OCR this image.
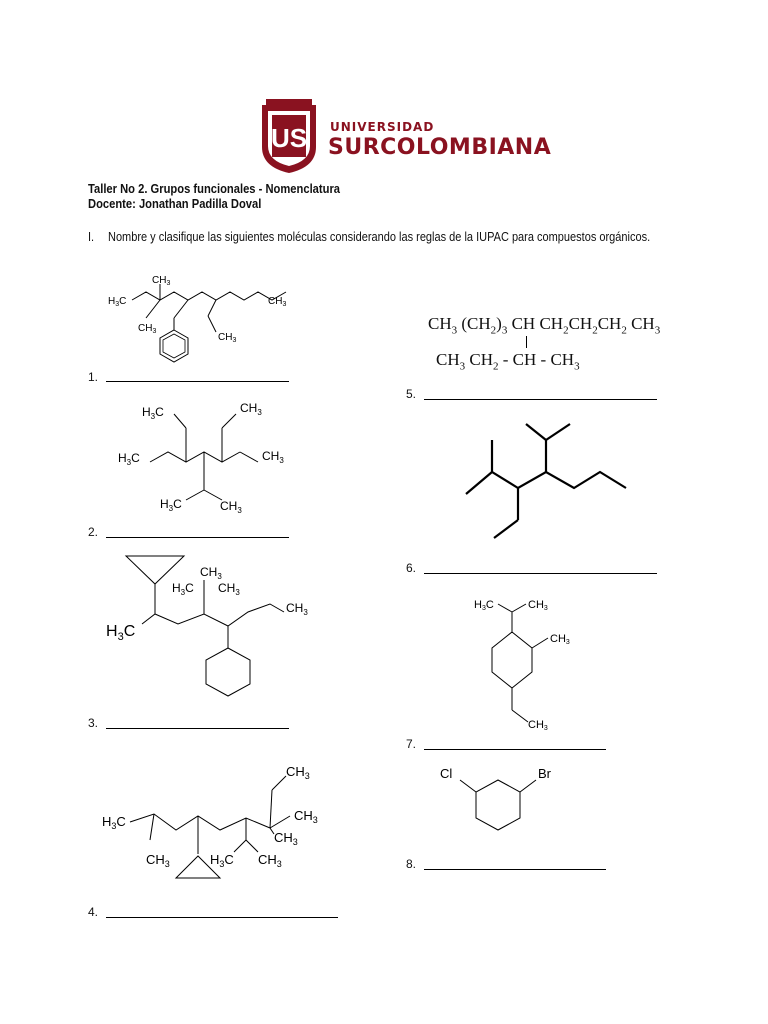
US UNIVERSIDAD
SURCOLOMBIANA
Taller No 2. Grupos funcionales - Nomenclatura
Docente: Jonathan Padilla Doval
I. Nombre y clasifique las siguientes moléculas considerando las reglas de la IUPAC para compuestos orgánicos.
1.
2.
3.
4.
5.
6.
7.
8.
$CH_3$ $(CH_2)_3$ CH $CH_2CH_2CH_2$ $CH_3$
$CH_3$ $CH_2$ - CH - $CH_3$
$CH_3$
$H_3C$
$CH_3$
$CH_3$
$CH_3$
$H_3C$	$CH_3$
$H_3C$	$CH_3$
$H_3C$	$CH_3$
$CH_3$
$H_3C$ $CH_3$
$CH_3$
$H_3C$
$H_3C$
$CH_3$
$CH_3$
$CH_3$
$CH_3$
$H_3C$ $CH_3$
H3C	CH3
CH3
CH3
Cl	Br
